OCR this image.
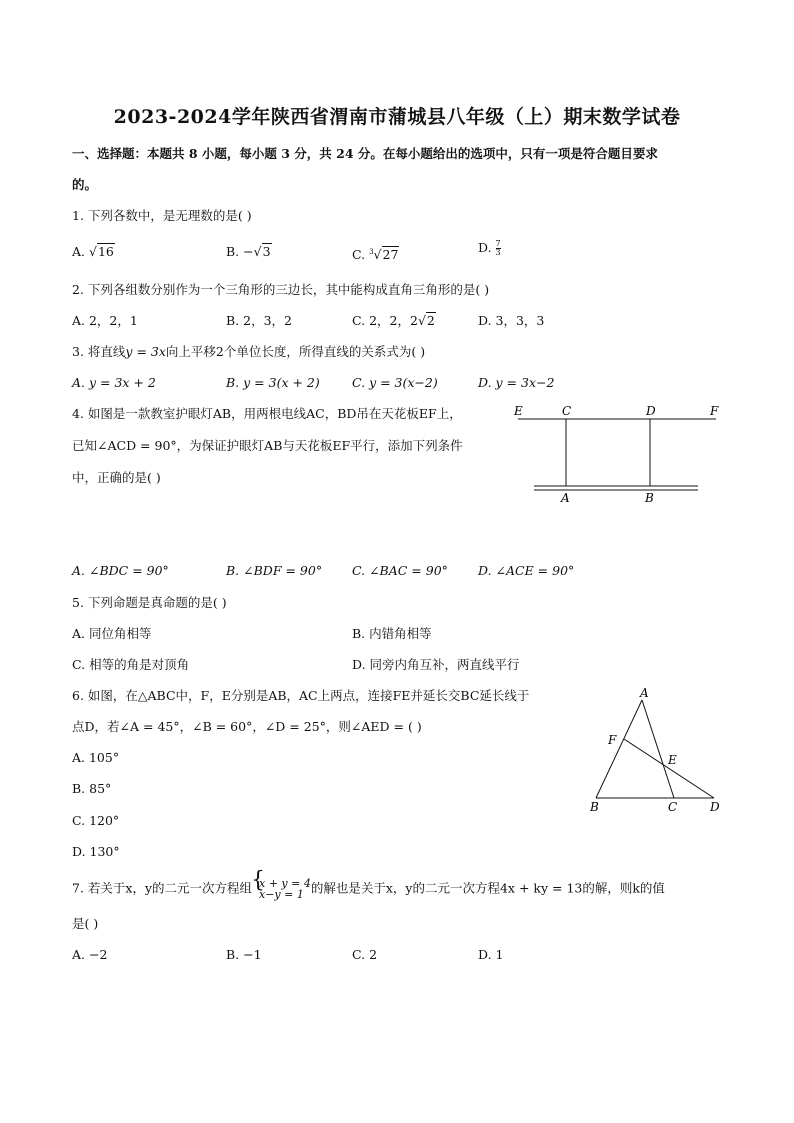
2023-2024学年陕西省渭南市蒲城县八年级（上）期末数学试卷
一、选择题：本题共 8 小题，每小题 3 分，共 24 分。在每小题给出的选项中，只有一项是符合题目要求
的。
1. 下列各数中，是无理数的是( )
A. √16	B. −√3	C. $^3$√27	D. $\frac{7}{3}$
2. 下列各组数分别作为一个三角形的三边长，其中能构成直角三角形的是( )
A. 2，2，1	B. 2，3，2	C. 2，2，2√2	D. 3，3，3
3. 将直线y = 3x向上平移2个单位长度，所得直线的关系式为( )
A. y = 3x + 2	B. y = 3(x + 2)	C. y = 3(x−2)	D. y = 3x−2
4. 如图是一款教室护眼灯AB，用两根电线AC，BD吊在天花板EF上，
已知∠ACD = 90°，为保证护眼灯AB与天花板EF平行，添加下列条件
中，正确的是( )
E	C	D	F
A	B
A. ∠BDC = 90°	B. ∠BDF = 90° C. ∠BAC = 90° D. ∠ACE = 90°
5. 下列命题是真命题的是( )
A. 同位角相等	B. 内错角相等
C. 相等的角是对顶角	D. 同旁内角互补，两直线平行
6. 如图，在△ABC中，F，E分别是AB，AC上两点，连接FE并延长交BC延长线于
点D，若∠A = 45°，∠B = 60°，∠D = 25°，则∠AED = ( )
A. 105°
B. 85°
C. 120°
D. 130°
A
F
E
B	C	D
7. 若关于x，y的二元一次方程组
{ x + y = 4
x−y = 1 的解也是关于x，y的二元一次方程4x + ky = 13的解，则k的值
是( )
A. −2	B. −1	C. 2	D. 1
